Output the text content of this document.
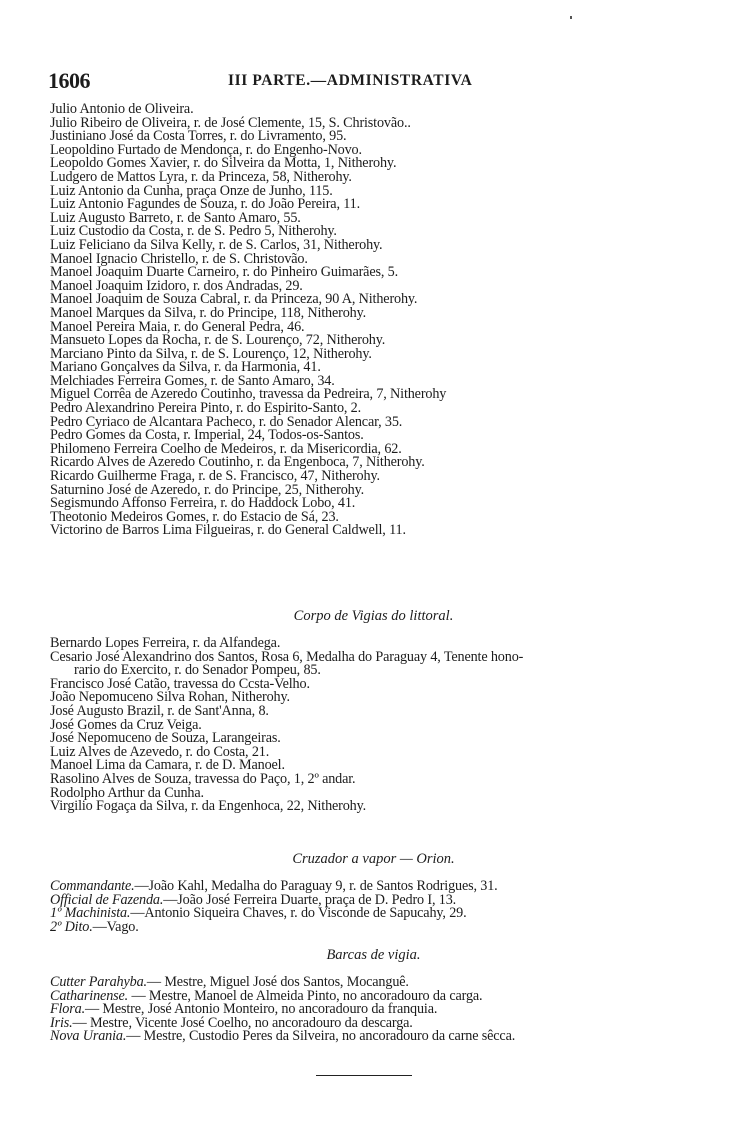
1606	III PARTE.—ADMINISTRATIVA
Julio Antonio de Oliveira.
Julio Ribeiro de Oliveira, r. de José Clemente, 15, S. Christovão..
Justiniano José da Costa Torres, r. do Livramento, 95.
Leopoldino Furtado de Mendonça, r. do Engenho-Novo.
Leopoldo Gomes Xavier, r. do Silveira da Motta, 1, Nitherohy.
Ludgero de Mattos Lyra, r. da Princeza, 58, Nitherohy.
Luiz Antonio da Cunha, praça Onze de Junho, 115.
Luiz Antonio Fagundes de Souza, r. do João Pereira, 11.
Luiz Augusto Barreto, r. de Santo Amaro, 55.
Luiz Custodio da Costa, r. de S. Pedro 5, Nitherohy.
Luiz Feliciano da Silva Kelly, r. de S. Carlos, 31, Nitherohy.
Manoel Ignacio Christello, r. de S. Christovão.
Manoel Joaquim Duarte Carneiro, r. do Pinheiro Guimarães, 5.
Manoel Joaquim Izidoro, r. dos Andradas, 29.
Manoel Joaquim de Souza Cabral, r. da Princeza, 90 A, Nitherohy.
Manoel Marques da Silva, r. do Principe, 118, Nitherohy.
Manoel Pereira Maia, r. do General Pedra, 46.
Mansueto Lopes da Rocha, r. de S. Lourenço, 72, Nitherohy.
Marciano Pinto da Silva, r. de S. Lourenço, 12, Nitherohy.
Mariano Gonçalves da Silva, r. da Harmonia, 41.
Melchiades Ferreira Gomes, r. de Santo Amaro, 34.
Miguel Corrêa de Azeredo Coutinho, travessa da Pedreira, 7, Nitherohy
Pedro Alexandrino Pereira Pinto, r. do Espirito-Santo, 2.
Pedro Cyriaco de Alcantara Pacheco, r. do Senador Alencar, 35.
Pedro Gomes da Costa, r. Imperial, 24, Todos-os-Santos.
Philomeno Ferreira Coelho de Medeiros, r. da Misericordia, 62.
Ricardo Alves de Azeredo Coutinho, r. da Engenboca, 7, Nitherohy.
Ricardo Guilherme Fraga, r. de S. Francisco, 47, Nitherohy.
Saturnino José de Azeredo, r. do Principe, 25, Nitherohy.
Segismundo Affonso Ferreira, r. do Haddock Lobo, 41.
Theotonio Medeiros Gomes, r. do Estacio de Sá, 23.
Victorino de Barros Lima Filgueiras, r. do General Caldwell, 11.
Corpo de Vigias do littoral.
Bernardo Lopes Ferreira, r. da Alfandega.
Cesario José Alexandrino dos Santos, Rosa 6, Medalha do Paraguay 4, Tenente hono-
rario do Exercito, r. do Senador Pompeu, 85.
Francisco José Catão, travessa do Ccsta-Velho.
João Nepomuceno Silva Rohan, Nitherohy.
José Augusto Brazil, r. de Sant'Anna, 8.
José Gomes da Cruz Veiga.
José Nepomuceno de Souza, Larangeiras.
Luiz Alves de Azevedo, r. do Costa, 21.
Manoel Lima da Camara, r. de D. Manoel.
Rasolino Alves de Souza, travessa do Paço, 1, 2º andar.
Rodolpho Arthur da Cunha.
Virgilio Fogaça da Silva, r. da Engenhoca, 22, Nitherohy.
Cruzador a vapor — Orion.
Commandante.—João Kahl, Medalha do Paraguay 9, r. de Santos Rodrigues, 31.
Official de Fazenda.—João José Ferreira Duarte, praça de D. Pedro I, 13.
1º Machinista.—Antonio Siqueira Chaves, r. do Visconde de Sapucahy, 29.
2º Dito.—Vago.
Barcas de vigia.
Cutter Parahyba.— Mestre, Miguel José dos Santos, Mocanguê.
Catharinense. — Mestre, Manoel de Almeida Pinto, no ancoradouro da carga.
Flora.— Mestre, José Antonio Monteiro, no ancoradouro da franquia.
Iris.— Mestre, Vicente José Coelho, no ancoradouro da descarga.
Nova Urania.— Mestre, Custodio Peres da Silveira, no ancoradouro da carne sêcca.
